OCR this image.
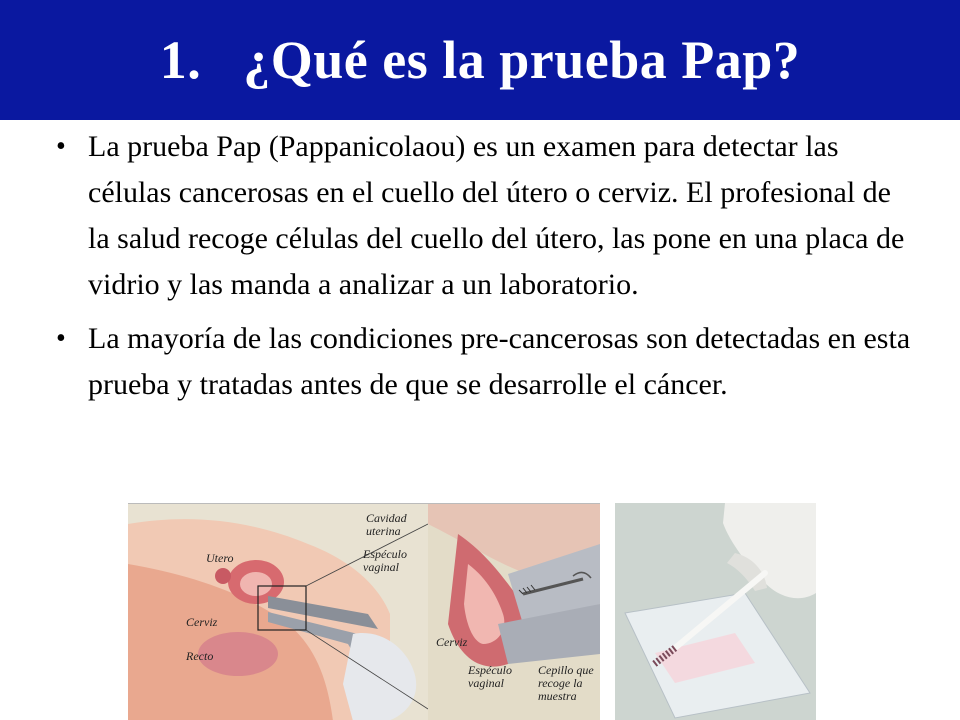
1.   ¿Qué es la prueba Pap?
• La prueba Pap (Pappanicolaou) es un examen para detectar las células cancerosas en el cuello del útero o cerviz. El profesional de la salud recoge células del cuello del útero, las pone en una placa de vidrio y las manda a analizar a un laboratorio.
• La mayoría de las condiciones pre-cancerosas son detectadas en esta prueba y tratadas antes de que se desarrolle el cáncer.
Utero
Cerviz
Recto
Cavidad uterina
Espéculo vaginal
Cerviz
Espéculo vaginal
Cepillo que recoge la muestra
